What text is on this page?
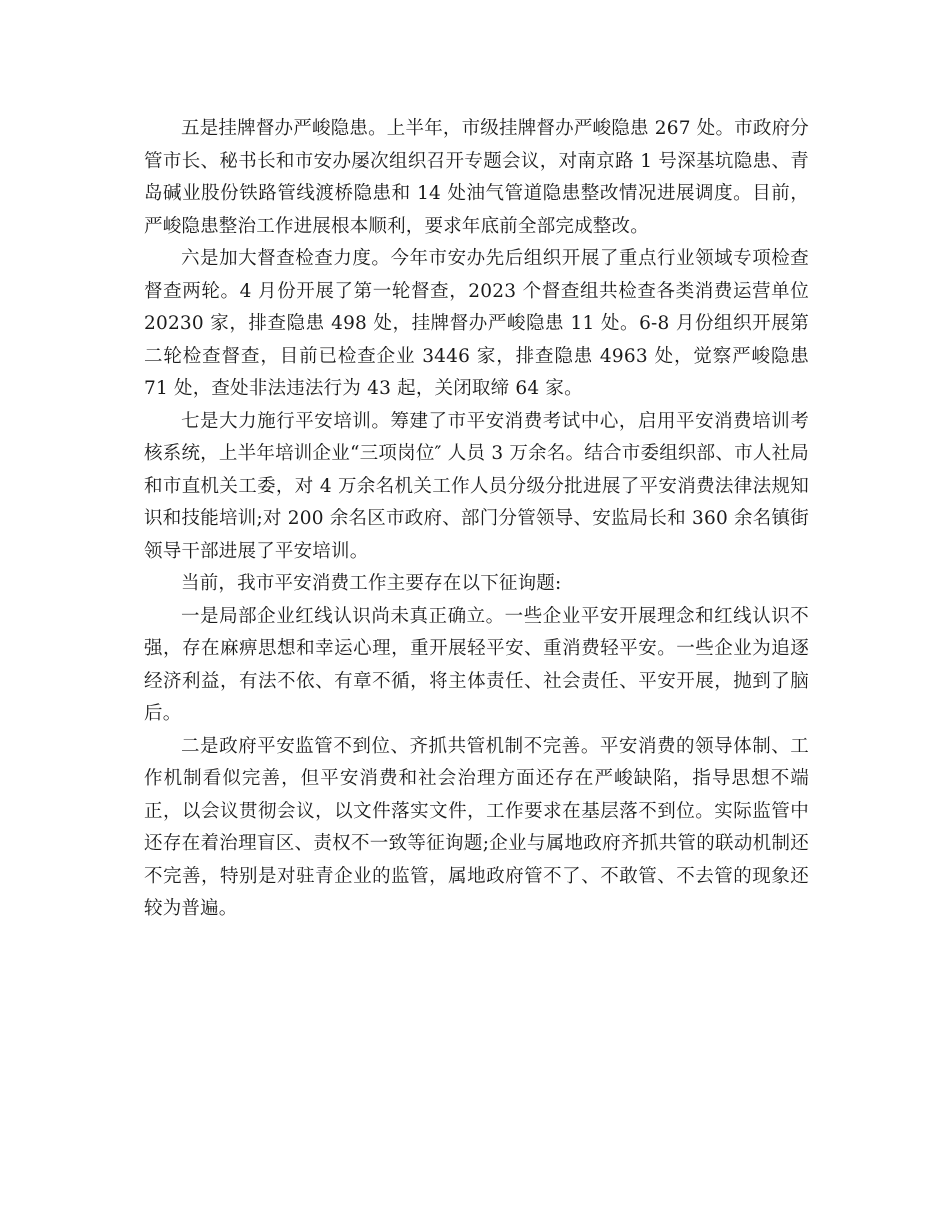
五是挂牌督办严峻隐患。上半年，市级挂牌督办严峻隐患 267 处。市政府分管市长、秘书长和市安办屡次组织召开专题会议，对南京路 1 号深基坑隐患、青岛碱业股份铁路管线渡桥隐患和 14 处油气管道隐患整改情况进展调度。目前，严峻隐患整治工作进展根本顺利，要求年底前全部完成整改。

六是加大督查检查力度。今年市安办先后组织开展了重点行业领域专项检查督查两轮。4 月份开展了第一轮督查，2023 个督查组共检查各类消费运营单位 20230 家，排查隐患 498 处，挂牌督办严峻隐患 11 处。6-8 月份组织开展第二轮检查督查，目前已检查企业 3446 家，排查隐患 4963 处，觉察严峻隐患 71 处，查处非法违法行为 43 起，关闭取缔 64 家。

七是大力施行平安培训。筹建了市平安消费考试中心，启用平安消费培训考核系统，上半年培训企业“三项岗位″ 人员 3 万余名。结合市委组织部、市人社局和市直机关工委，对 4 万余名机关工作人员分级分批进展了平安消费法律法规知识和技能培训;对 200 余名区市政府、部门分管领导、安监局长和 360 余名镇街领导干部进展了平安培训。

当前，我市平安消费工作主要存在以下征询题:

一是局部企业红线认识尚未真正确立。一些企业平安开展理念和红线认识不强，存在麻痹思想和幸运心理，重开展轻平安、重消费轻平安。一些企业为追逐经济利益，有法不依、有章不循，将主体责任、社会责任、平安开展，抛到了脑后。

二是政府平安监管不到位、齐抓共管机制不完善。平安消费的领导体制、工作机制看似完善，但平安消费和社会治理方面还存在严峻缺陷，指导思想不端正，以会议贯彻会议，以文件落实文件，工作要求在基层落不到位。实际监管中还存在着治理盲区、责权不一致等征询题;企业与属地政府齐抓共管的联动机制还不完善，特别是对驻青企业的监管，属地政府管不了、不敢管、不去管的现象还较为普遍。
